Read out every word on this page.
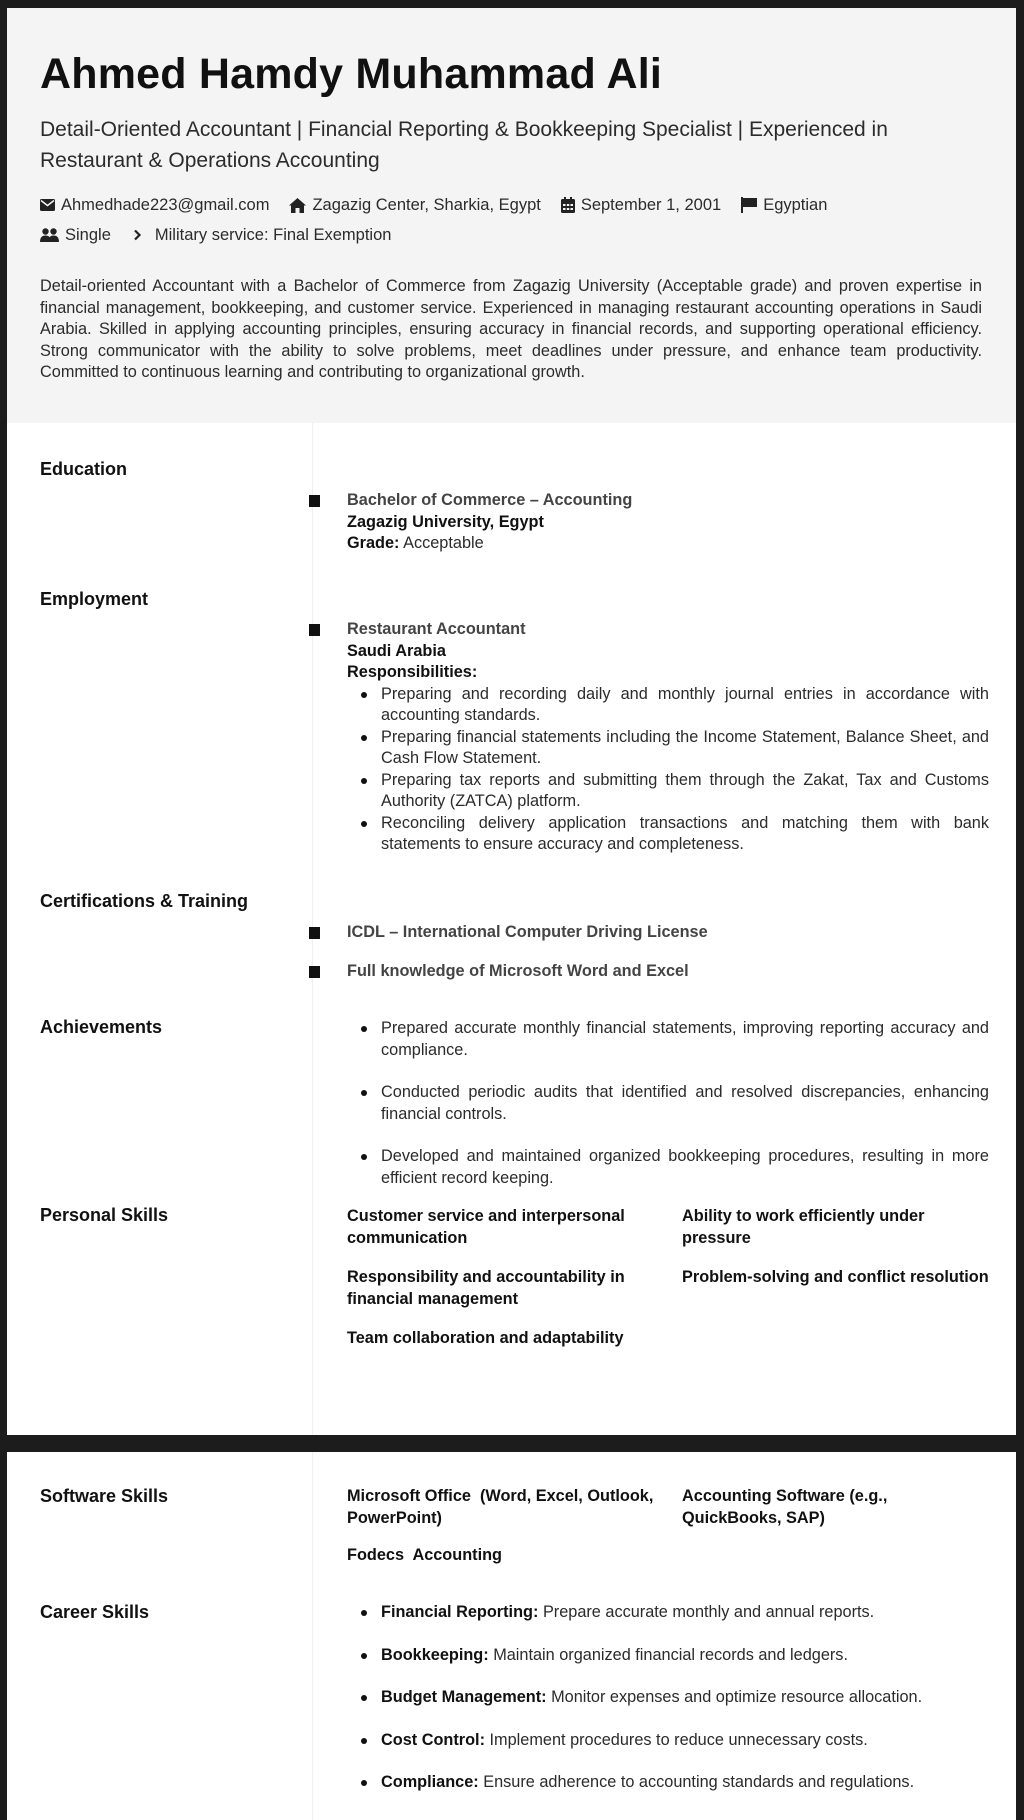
Ahmed Hamdy Muhammad Ali
Detail-Oriented Accountant | Financial Reporting & Bookkeeping Specialist | Experienced in Restaurant & Operations Accounting
Ahmedhade223@gmail.com	Zagazig Center, Sharkia, Egypt September 1, 2001	Egyptian
Single	Military service: Final Exemption
Detail-oriented Accountant with a Bachelor of Commerce from Zagazig University (Acceptable grade) and proven expertise in financial management, bookkeeping, and customer service. Experienced in managing restaurant accounting operations in Saudi Arabia. Skilled in applying accounting principles, ensuring accuracy in financial records, and supporting operational efficiency. Strong communicator with the ability to solve problems, meet deadlines under pressure, and enhance team productivity. Committed to continuous learning and contributing to organizational growth.
Education
Bachelor of Commerce – Accounting
Zagazig University, Egypt
Grade: Acceptable
Employment
Restaurant Accountant
Saudi Arabia
Responsibilities:
Preparing and recording daily and monthly journal entries in accordance with accounting standards.
Preparing financial statements including the Income Statement, Balance Sheet, and Cash Flow Statement.
Preparing tax reports and submitting them through the Zakat, Tax and Customs Authority (ZATCA) platform.
Reconciling delivery application transactions and matching them with bank statements to ensure accuracy and completeness.
Certifications & Training
ICDL – International Computer Driving License
Full knowledge of Microsoft Word and Excel
Achievements	Prepared accurate monthly financial statements, improving reporting accuracy and compliance.
Conducted periodic audits that identified and resolved discrepancies, enhancing financial controls.
Developed and maintained organized bookkeeping procedures, resulting in more efficient record keeping.
Personal Skills	Customer service and interpersonal communication
Ability to work efficiently under pressure
Responsibility and accountability in financial management
Problem-solving and conflict resolution
Team collaboration and adaptability
Software Skills	Microsoft Office  (Word, Excel, Outlook, PowerPoint)
Accounting Software (e.g., QuickBooks, SAP)
Fodecs  Accounting
Career Skills	Financial Reporting: Prepare accurate monthly and annual reports.
Bookkeeping: Maintain organized financial records and ledgers.
Budget Management: Monitor expenses and optimize resource allocation.
Cost Control: Implement procedures to reduce unnecessary costs.
Compliance: Ensure adherence to accounting standards and regulations.
